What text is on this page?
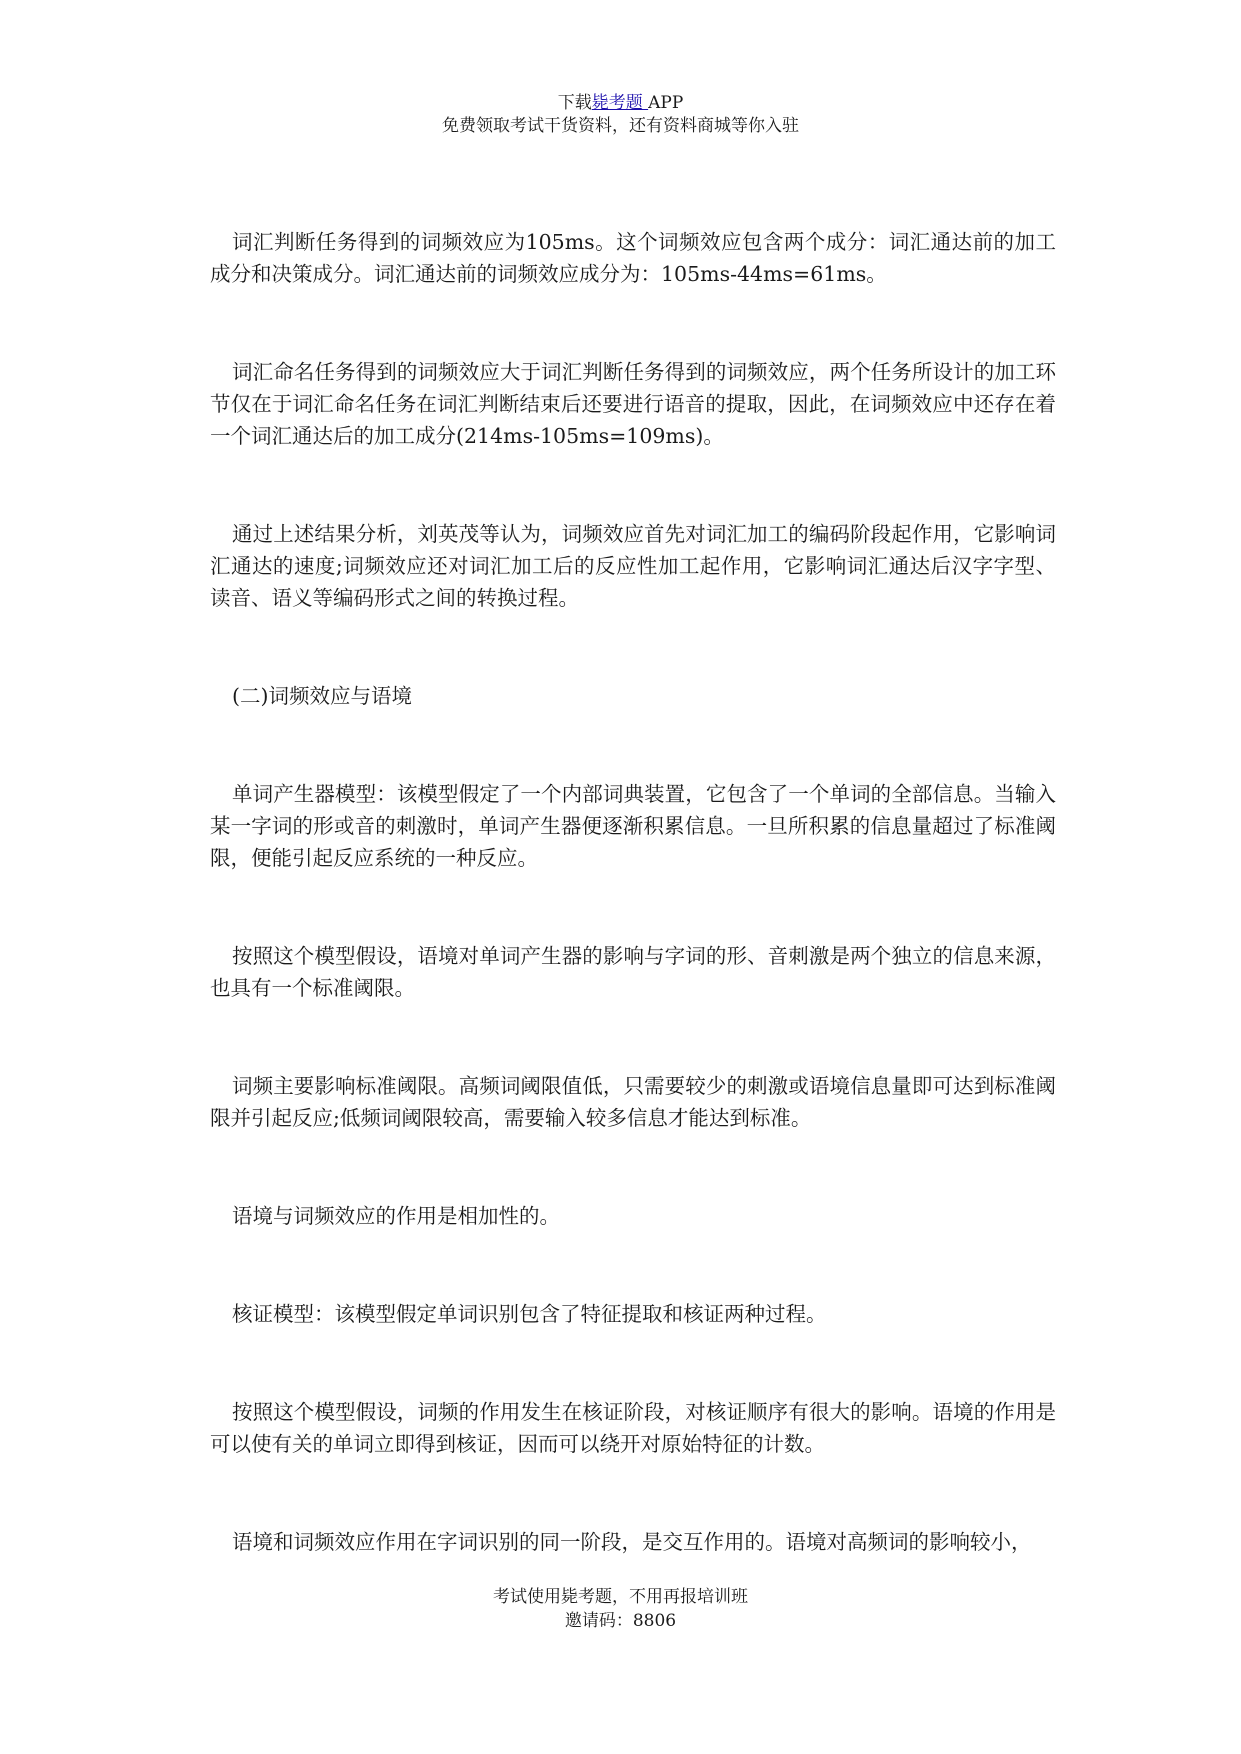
下载毙考题 APP
免费领取考试干货资料，还有资料商城等你入驻

词汇判断任务得到的词频效应为105ms。这个词频效应包含两个成分：词汇通达前的加工成分和决策成分。词汇通达前的词频效应成分为：105ms-44ms=61ms。

词汇命名任务得到的词频效应大于词汇判断任务得到的词频效应，两个任务所设计的加工环节仅在于词汇命名任务在词汇判断结束后还要进行语音的提取，因此，在词频效应中还存在着一个词汇通达后的加工成分(214ms-105ms=109ms)。

通过上述结果分析，刘英茂等认为，词频效应首先对词汇加工的编码阶段起作用，它影响词汇通达的速度;词频效应还对词汇加工后的反应性加工起作用，它影响词汇通达后汉字字型、读音、语义等编码形式之间的转换过程。

(二)词频效应与语境

单词产生器模型：该模型假定了一个内部词典装置，它包含了一个单词的全部信息。当输入某一字词的形或音的刺激时，单词产生器便逐渐积累信息。一旦所积累的信息量超过了标准阈限，便能引起反应系统的一种反应。

按照这个模型假设，语境对单词产生器的影响与字词的形、音刺激是两个独立的信息来源，也具有一个标准阈限。

词频主要影响标准阈限。高频词阈限值低，只需要较少的刺激或语境信息量即可达到标准阈限并引起反应;低频词阈限较高，需要输入较多信息才能达到标准。

语境与词频效应的作用是相加性的。

核证模型：该模型假定单词识别包含了特征提取和核证两种过程。

按照这个模型假设，词频的作用发生在核证阶段，对核证顺序有很大的影响。语境的作用是可以使有关的单词立即得到核证，因而可以绕开对原始特征的计数。

语境和词频效应作用在字词识别的同一阶段，是交互作用的。语境对高频词的影响较小，

考试使用毙考题，不用再报培训班
邀请码：8806
